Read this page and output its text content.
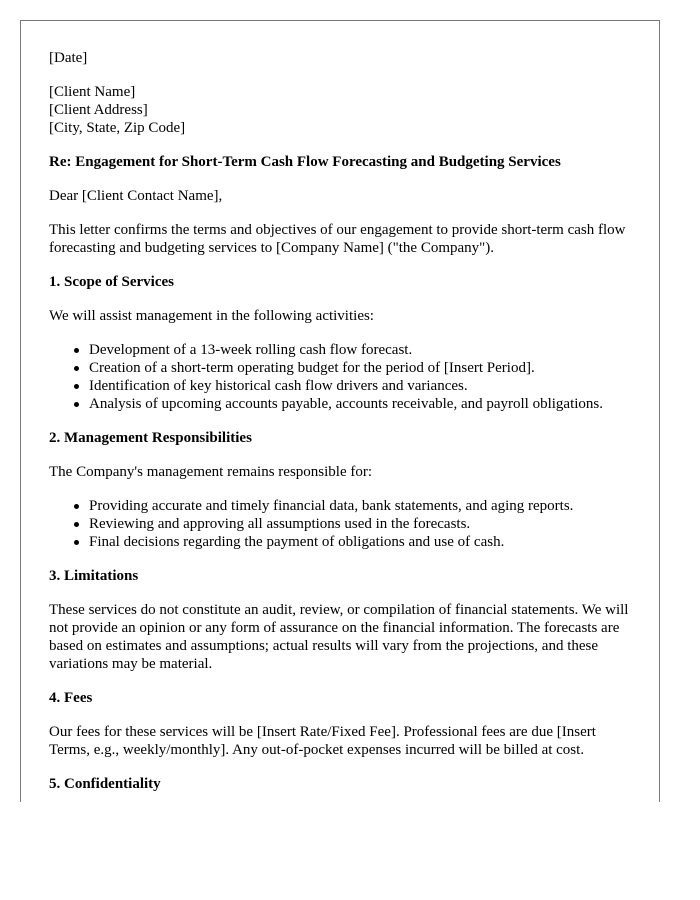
[Date]

[Client Name]
[Client Address]
[City, State, Zip Code]

Re: Engagement for Short-Term Cash Flow Forecasting and Budgeting Services

Dear [Client Contact Name],

This letter confirms the terms and objectives of our engagement to provide short-term cash flow forecasting and budgeting services to [Company Name] ("the Company").

1. Scope of Services

We will assist management in the following activities:

Development of a 13-week rolling cash flow forecast.
Creation of a short-term operating budget for the period of [Insert Period].
Identification of key historical cash flow drivers and variances.
Analysis of upcoming accounts payable, accounts receivable, and payroll obligations.

2. Management Responsibilities

The Company's management remains responsible for:

Providing accurate and timely financial data, bank statements, and aging reports.
Reviewing and approving all assumptions used in the forecasts.
Final decisions regarding the payment of obligations and use of cash.

3. Limitations

These services do not constitute an audit, review, or compilation of financial statements. We will not provide an opinion or any form of assurance on the financial information. The forecasts are based on estimates and assumptions; actual results will vary from the projections, and these variations may be material.

4. Fees

Our fees for these services will be [Insert Rate/Fixed Fee]. Professional fees are due [Insert Terms, e.g., weekly/monthly]. Any out-of-pocket expenses incurred will be billed at cost.

5. Confidentiality
